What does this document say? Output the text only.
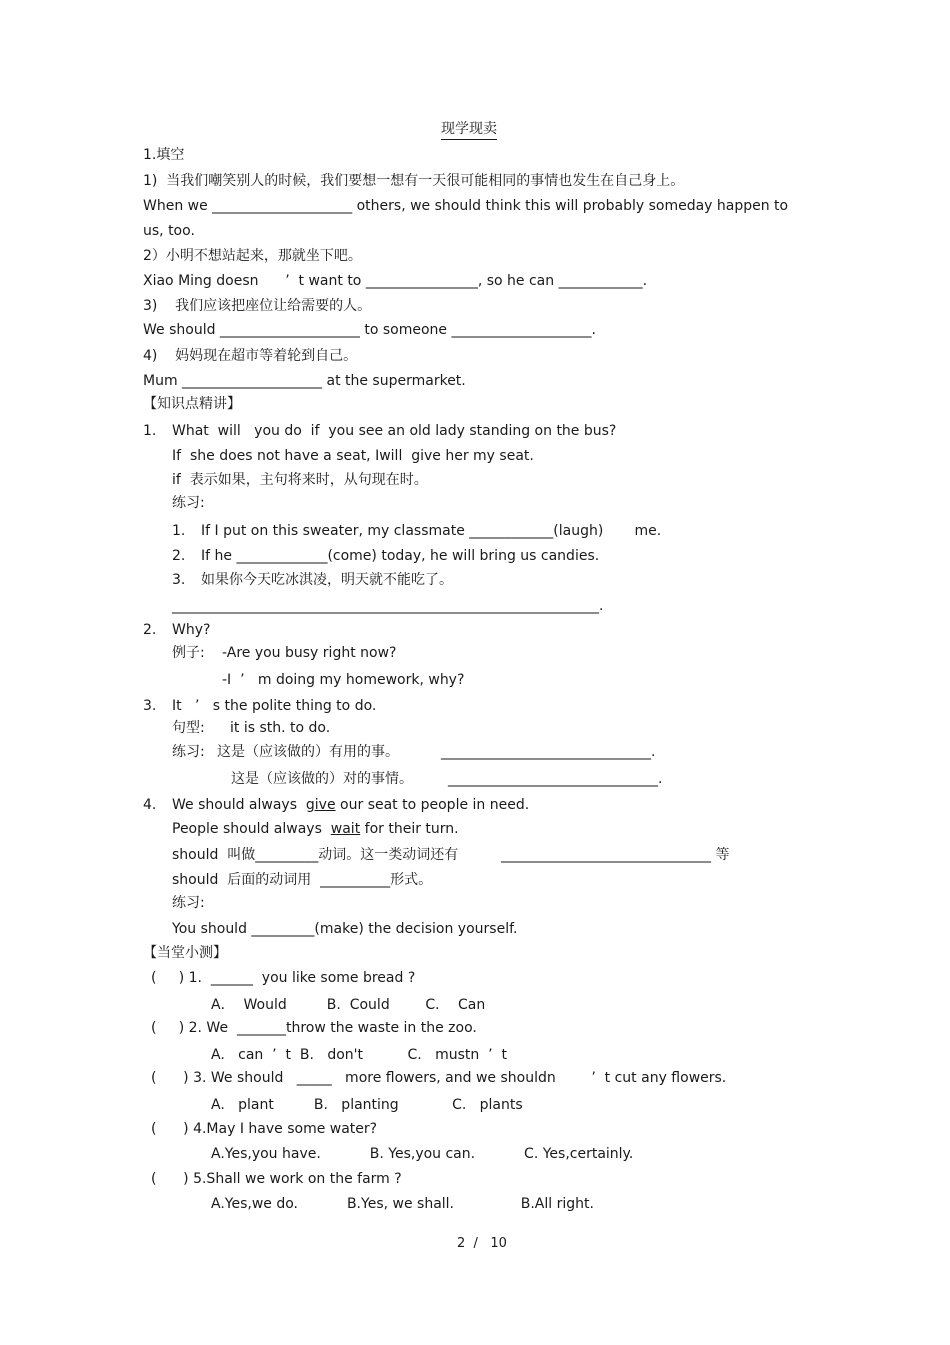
现学现卖
1.填空
1)  当我们嘲笑别人的时候，我们要想一想有一天很可能相同的事情也发生在自己身上。
When we ____________________ others, we should think this will probably someday happen to
us, too.
2）小明不想站起来，那就坐下吧。
Xiao Ming doesn      ’  t want to ________________, so he can ____________.
3)    我们应该把座位让给需要的人。
We should ____________________ to someone ____________________.
4)    妈妈现在超市等着轮到自己。
Mum ____________________ at the supermarket.
【知识点精讲】
1. What  will   you do  if  you see an old lady standing on the bus?
If  she does not have a seat, Iwill  give her my seat.
if  表示如果，主句将来时，从句现在时。
练习:
1. If I put on this sweater, my classmate ____________(laugh)       me.
2. If he _____________(come) today, he will bring us candies.
3. 如果你今天吃冰淇凌，明天就不能吃了。
_____________________________________________________________.
2. Why?
例子: -Are you busy right now?
-I  ’   m doing my homework, why?
3. It   ’   s the polite thing to do.
句型: it is sth. to do.
练习: 这是（应该做的）有用的事。	______________________________.
这是（应该做的）对的事情。	______________________________.
4. We should always  give our seat to people in need.
People should always  wait for their turn.
should  叫做_________动词。这一类动词还有	______________________________ 等
should  后面的动词用  __________形式。
练习:
You should _________(make) the decision yourself.
【当堂小测】
(     ) 1.  ______  you like some bread ?
A．  Would         B.  Could        C．  Can
(     ) 2. We  _______throw the waste in the zoo.
A.   can  ’  t  B.   don't          C.   mustn  ’  t
(      ) 3. We should   _____   more flowers, and we shouldn        ’  t cut any flowers.
A.   plant         B.   planting            C.   plants
(      ) 4.May I have some water?
A.Yes,you have.           B. Yes,you can.           C. Yes,certainly.
(      ) 5.Shall we work on the farm ?
A.Yes,we do.           B.Yes, we shall.               B.All right.
2  /   10
